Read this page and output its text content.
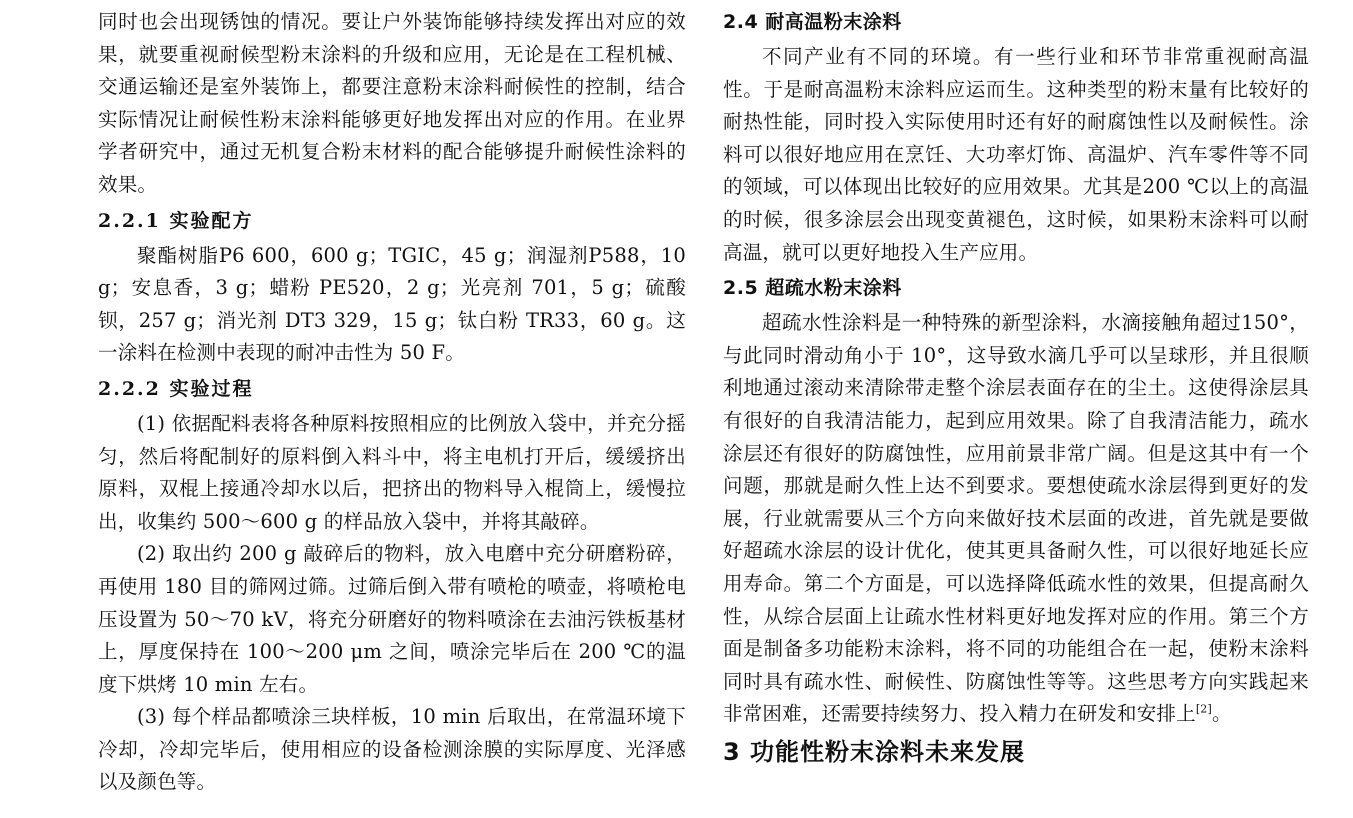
同时也会出现锈蚀的情况。要让户外装饰能够持续发挥出对应的效果，就要重视耐候型粉末涂料的升级和应用，无论是在工程机械、交通运输还是室外装饰上，都要注意粉末涂料耐候性的控制，结合实际情况让耐候性粉末涂料能够更好地发挥出对应的作用。在业界学者研究中，通过无机复合粉末材料的配合能够提升耐候性涂料的效果。

2.2.1 实验配方

聚酯树脂P6 600，600 g；TGIC，45 g；润湿剂P588，10 g；安息香，3 g；蜡粉 PE520，2 g；光亮剂 701，5 g；硫酸钡，257 g；消光剂 DT3 329，15 g；钛白粉 TR33，60 g。这一涂料在检测中表现的耐冲击性为 50 F。

2.2.2 实验过程

(1) 依据配料表将各种原料按照相应的比例放入袋中，并充分摇匀，然后将配制好的原料倒入料斗中，将主电机打开后，缓缓挤出原料，双棍上接通冷却水以后，把挤出的物料导入棍筒上，缓慢拉出，收集约 500～600 g 的样品放入袋中，并将其敲碎。

(2) 取出约 200 g 敲碎后的物料，放入电磨中充分研磨粉碎，再使用 180 目的筛网过筛。过筛后倒入带有喷枪的喷壶，将喷枪电压设置为 50～70 kV，将充分研磨好的物料喷涂在去油污铁板基材上，厚度保持在 100～200 μm 之间，喷涂完毕后在 200 ℃的温度下烘烤 10 min 左右。

(3) 每个样品都喷涂三块样板，10 min 后取出，在常温环境下冷却，冷却完毕后，使用相应的设备检测涂膜的实际厚度、光泽感以及颜色等。

2.4 耐高温粉末涂料

不同产业有不同的环境。有一些行业和环节非常重视耐高温性。于是耐高温粉末涂料应运而生。这种类型的粉末量有比较好的耐热性能，同时投入实际使用时还有好的耐腐蚀性以及耐候性。涂料可以很好地应用在烹饪、大功率灯饰、高温炉、汽车零件等不同的领域，可以体现出比较好的应用效果。尤其是200 ℃以上的高温的时候，很多涂层会出现变黄褪色，这时候，如果粉末涂料可以耐高温，就可以更好地投入生产应用。

2.5 超疏水粉末涂料

超疏水性涂料是一种特殊的新型涂料，水滴接触角超过150°，与此同时滑动角小于 10°，这导致水滴几乎可以呈球形，并且很顺利地通过滚动来清除带走整个涂层表面存在的尘土。这使得涂层具有很好的自我清洁能力，起到应用效果。除了自我清洁能力，疏水涂层还有很好的防腐蚀性，应用前景非常广阔。但是这其中有一个问题，那就是耐久性上达不到要求。要想使疏水涂层得到更好的发展，行业就需要从三个方向来做好技术层面的改进，首先就是要做好超疏水涂层的设计优化，使其更具备耐久性，可以很好地延长应用寿命。第二个方面是，可以选择降低疏水性的效果，但提高耐久性，从综合层面上让疏水性材料更好地发挥对应的作用。第三个方面是制备多功能粉末涂料，将不同的功能组合在一起，使粉末涂料同时具有疏水性、耐候性、防腐蚀性等等。这些思考方向实践起来非常困难，还需要持续努力、投入精力在研发和安排上[2]。

3 功能性粉末涂料未来发展
